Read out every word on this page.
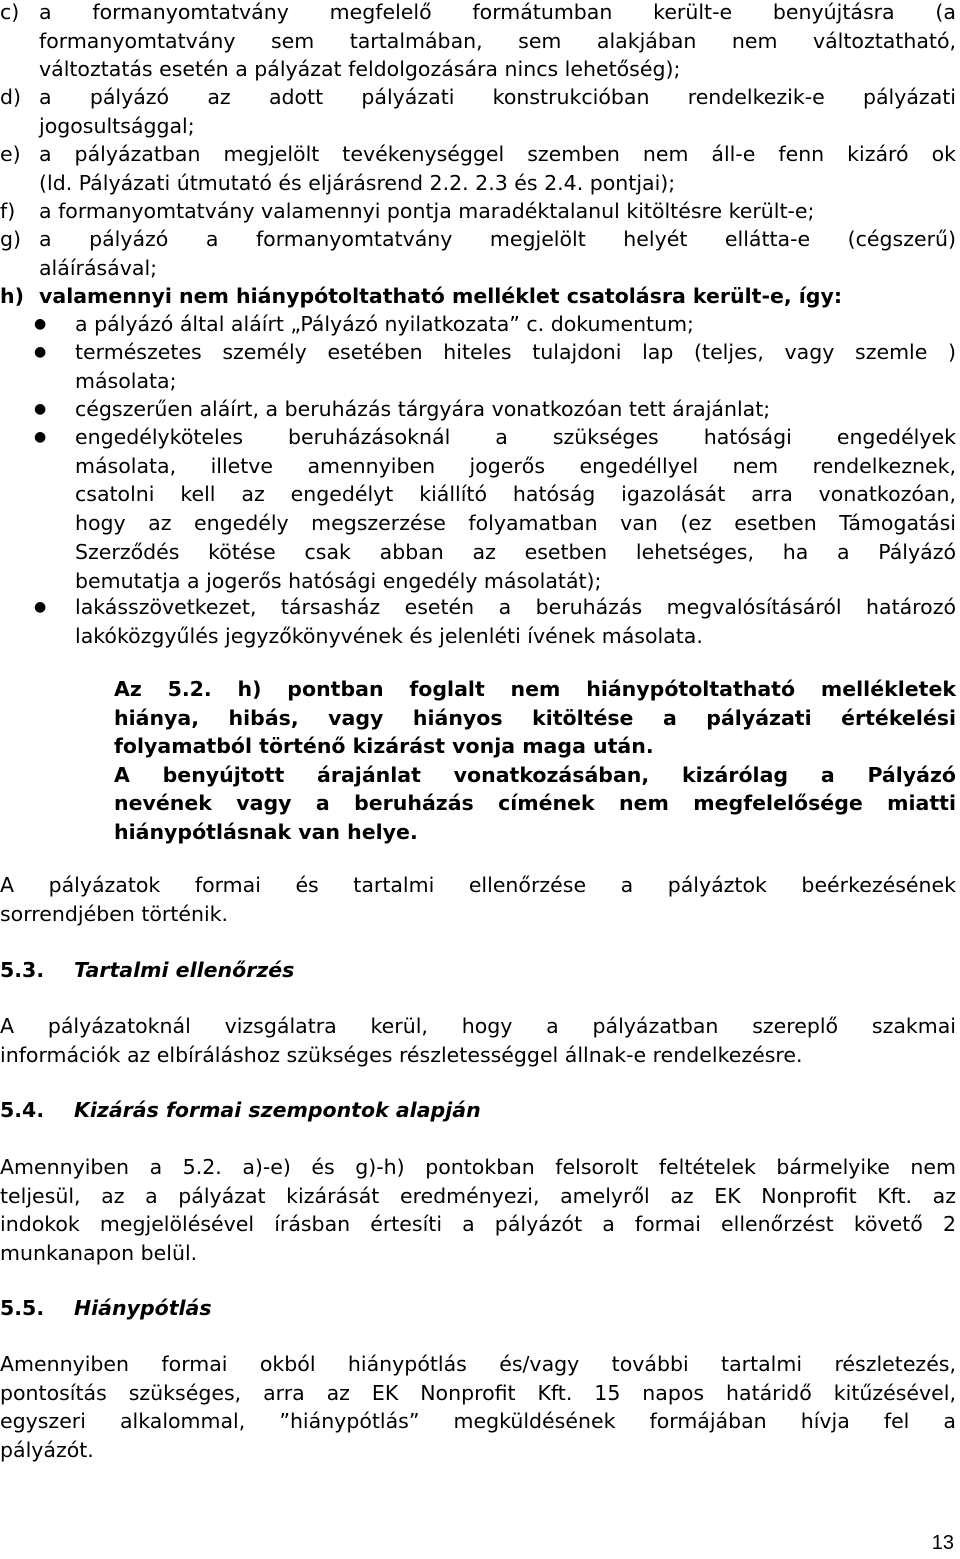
c) a formanyomtatvány megfelelő formátumban került-e benyújtásra (a
formanyomtatvány sem tartalmában, sem alakjában nem változtatható,
változtatás esetén a pályázat feldolgozására nincs lehetőség);
d) a pályázó az adott pályázati konstrukcióban rendelkezik-e pályázati
jogosultsággal;
e) a pályázatban megjelölt tevékenységgel szemben nem áll-e fenn kizáró ok
(ld. Pályázati útmutató és eljárásrend 2.2. 2.3 és 2.4. pontjai);
f) a formanyomtatvány valamennyi pontja maradéktalanul kitöltésre került-e;
g) a pályázó a formanyomtatvány megjelölt helyét ellátta-e (cégszerű)
aláírásával;
h) valamennyi nem hiánypótoltatható melléklet csatolásra került-e, így:
● a pályázó által aláírt „Pályázó nyilatkozata” c. dokumentum;
● természetes személy esetében hiteles tulajdoni lap (teljes, vagy szemle )
másolata;
● cégszerűen aláírt, a beruházás tárgyára vonatkozóan tett árajánlat;
● engedélyköteles beruházásoknál a szükséges hatósági engedélyek
másolata, illetve amennyiben jogerős engedéllyel nem rendelkeznek,
csatolni kell az engedélyt kiállító hatóság igazolását arra vonatkozóan,
hogy az engedély megszerzése folyamatban van (ez esetben Támogatási
Szerződés kötése csak abban az esetben lehetséges, ha a Pályázó
bemutatja a jogerős hatósági engedély másolatát);
● lakásszövetkezet, társasház esetén a beruházás megvalósításáról határozó
lakóközgyűlés jegyzőkönyvének és jelenléti ívének másolata.
Az 5.2. h) pontban foglalt nem hiánypótoltatható mellékletek
hiánya, hibás, vagy hiányos kitöltése a pályázati értékelési
folyamatból történő kizárást vonja maga után.
A benyújtott árajánlat vonatkozásában, kizárólag a Pályázó
nevének vagy a beruházás címének nem megfelelősége miatti
hiánypótlásnak van helye.
A pályázatok formai és tartalmi ellenőrzése a pályáztok beérkezésének
sorrendjében történik.
5.3. Tartalmi ellenőrzés
A pályázatoknál vizsgálatra kerül, hogy a pályázatban szereplő szakmai
információk az elbíráláshoz szükséges részletességgel állnak-e rendelkezésre.
5.4. Kizárás formai szempontok alapján
Amennyiben a 5.2. a)-e) és g)-h) pontokban felsorolt feltételek bármelyike nem
teljesül, az a pályázat kizárását eredményezi, amelyről az EK Nonprofit Kft. az
indokok megjelölésével írásban értesíti a pályázót a formai ellenőrzést követő 2
munkanapon belül.
5.5. Hiánypótlás
Amennyiben formai okból hiánypótlás és/vagy további tartalmi részletezés,
pontosítás szükséges, arra az EK Nonprofit Kft. 15 napos határidő kitűzésével,
egyszeri alkalommal, ”hiánypótlás” megküldésének formájában hívja fel a
pályázót.
13
